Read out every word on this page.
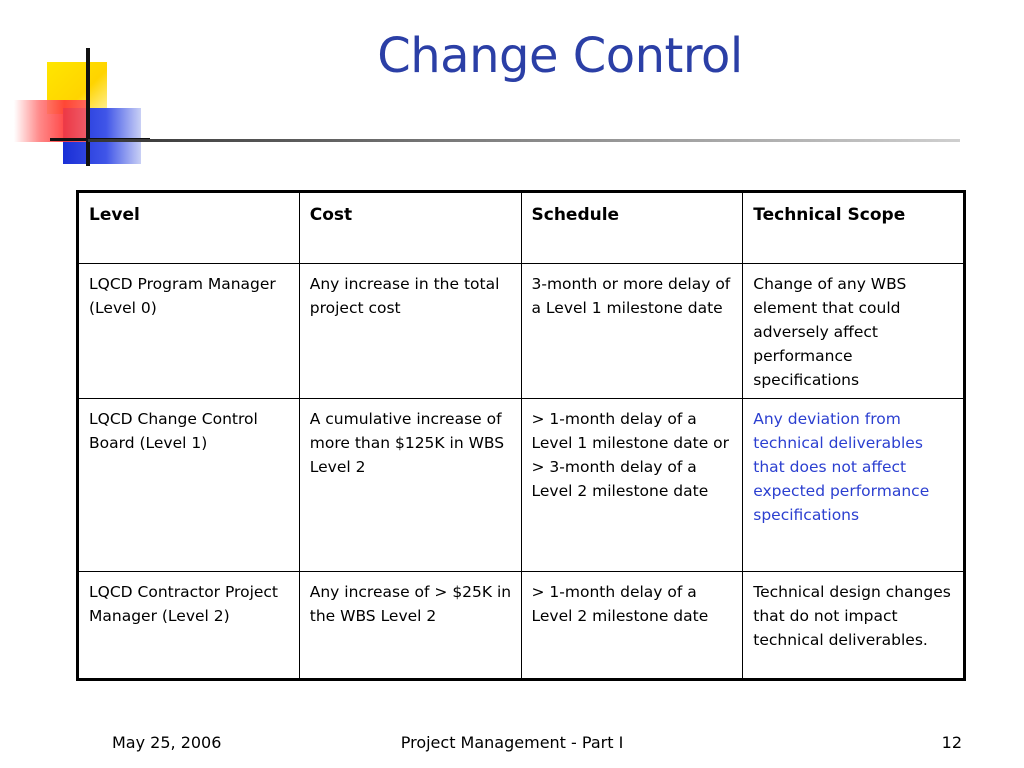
Change Control
Level	Cost	Schedule	Technical Scope
LQCD Program Manager (Level 0)	Any increase in the total project cost	3-month or more delay of a Level 1 milestone date	Change of any WBS element that could adversely affect performance specifications
LQCD Change Control Board (Level 1)	A cumulative increase of more than $125K in WBS Level 2	> 1-month delay of a Level 1 milestone date or > 3-month delay of a Level 2 milestone date	Any deviation from technical deliverables that does not affect expected performance specifications
LQCD Contractor Project Manager (Level 2)	Any increase of > $25K in the WBS Level 2	> 1-month delay of a Level 2 milestone date	Technical design changes that do not impact technical deliverables.
May 25, 2006	Project Management - Part I	12
